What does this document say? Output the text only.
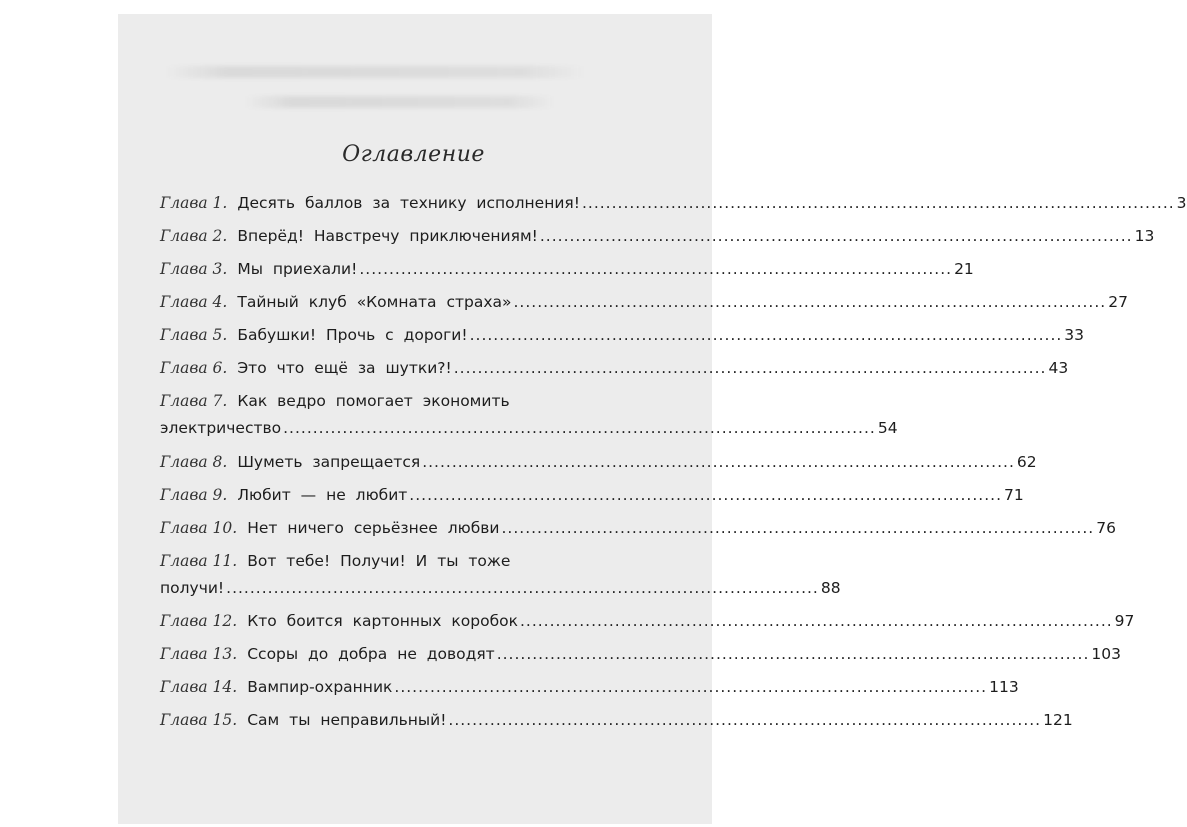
Оглавление
Глава 1. Десять баллов за технику исполнения! .................................................................................................... 3
Глава 2. Вперёд! Навстречу приключениям! .................................................................................................... 13
Глава 3. Мы приехали! .................................................................................................... 21
Глава 4. Тайный клуб «Комната страха» .................................................................................................... 27
Глава 5. Бабушки! Прочь с дороги! .................................................................................................... 33
Глава 6. Это что ещё за шутки?! .................................................................................................... 43
Глава 7. Как ведро помогает экономить
электричество .................................................................................................... 54
Глава 8. Шуметь запрещается .................................................................................................... 62
Глава 9. Любит — не любит .................................................................................................... 71
Глава 10. Нет ничего серьёзнее любви .................................................................................................... 76
Глава 11. Вот тебе! Получи! И ты тоже
получи! .................................................................................................... 88
Глава 12. Кто боится картонных коробок .................................................................................................... 97
Глава 13. Ссоры до добра не доводят .................................................................................................... 103
Глава 14. Вампир-охранник .................................................................................................... 113
Глава 15. Сам ты неправильный! .................................................................................................... 121
